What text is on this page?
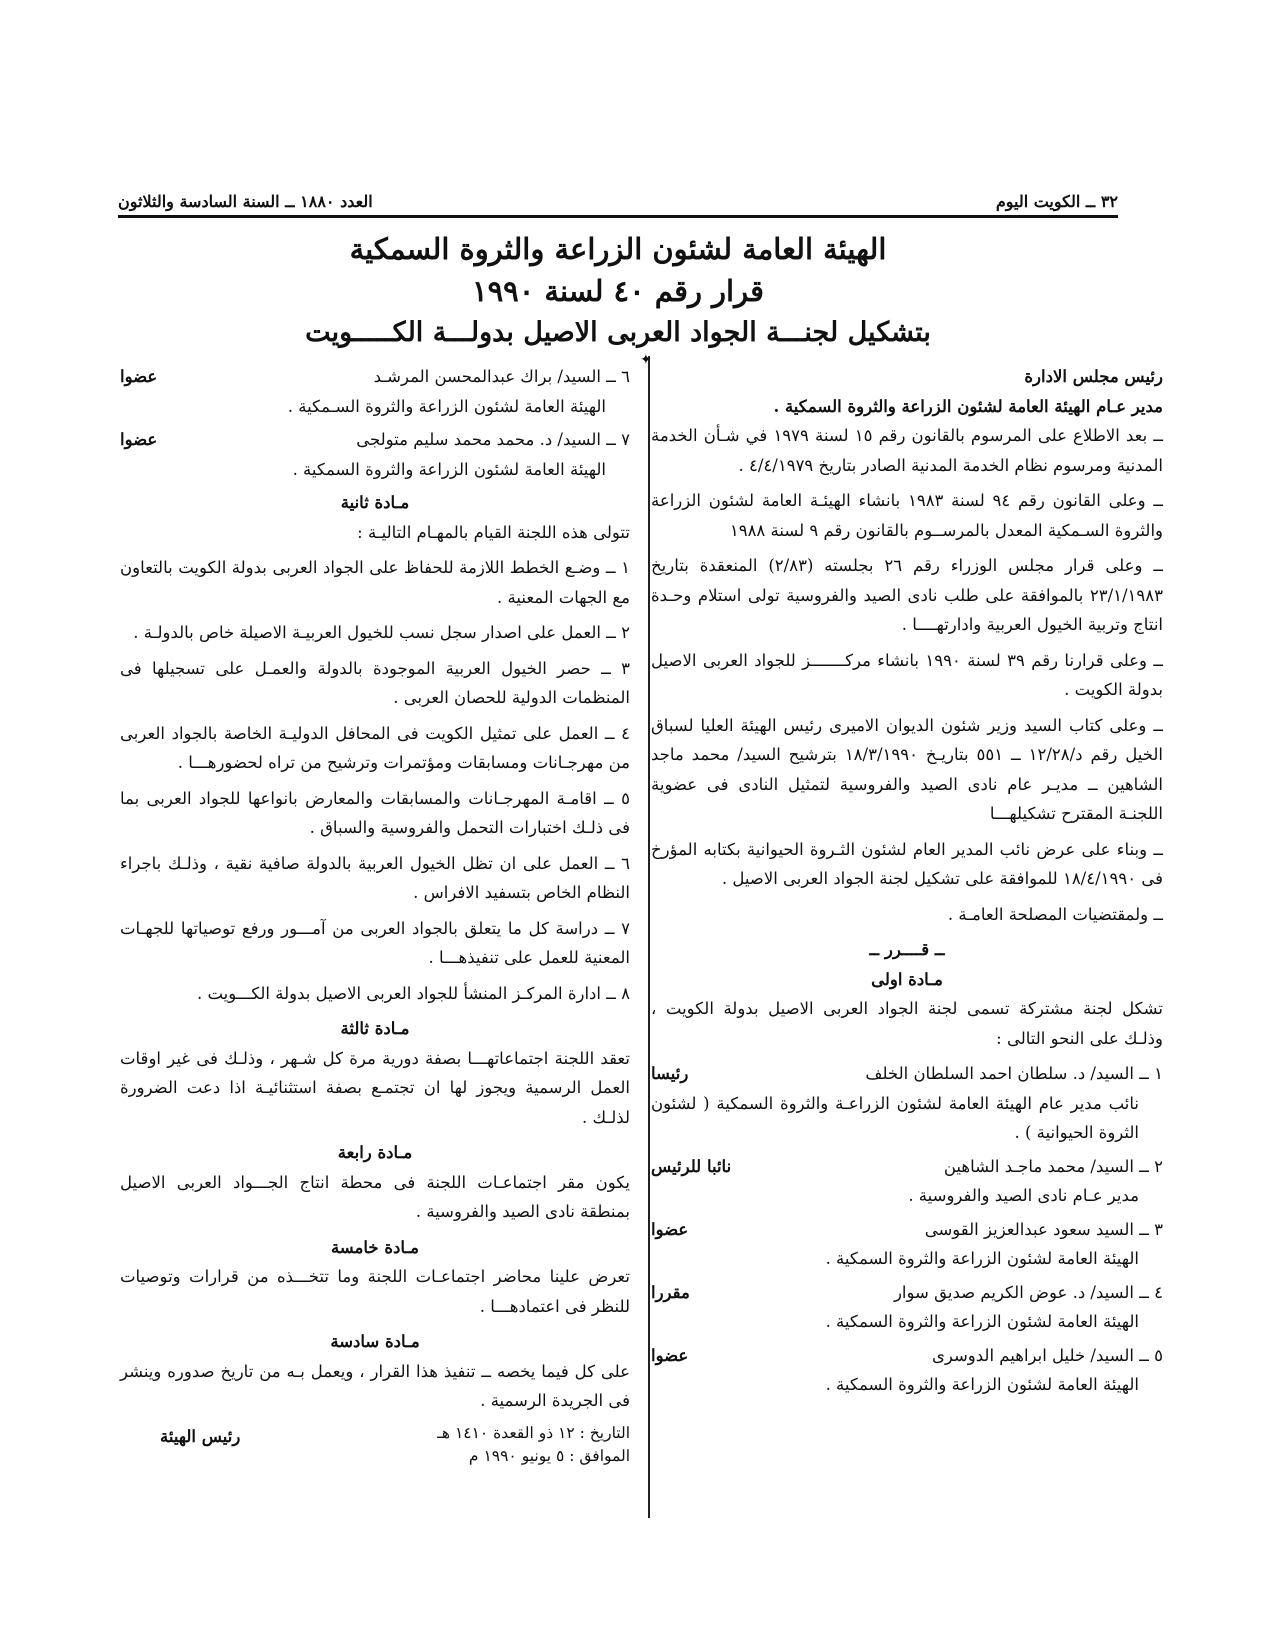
٣٢ ــ الكويت اليوم
العدد ١٨٨٠ ــ السنة السادسة والثلاثون
الهيئة العامة لشئون الزراعة والثروة السمكية
قرار رقم ٤٠ لسنة ١٩٩٠
بتشكيل لجنـــة الجواد العربى الاصيل بدولـــة الكـــــويت
✦

رئيس مجلس الادارة

مدير عـام الهيئة العامة لشئون الزراعة والثروة السمكية .

ــ بعد الاطلاع على المرسوم بالقانون رقم ١٥ لسنة ١٩٧٩ في شـأن الخدمة المدنية ومرسوم نظام الخدمة المدنية الصادر بتاريخ ٤/٤/١٩٧٩ .

ــ وعلى القانون رقم ٩٤ لسنة ١٩٨٣ بانشاء الهيئـة العامة لشئون الزراعة والثروة السـمكية المعدل بالمرســوم بالقانون رقم ٩ لسنة ١٩٨٨

ــ وعلى قرار مجلس الوزراء رقم ٢٦ بجلسته (٢/٨٣) المنعقدة بتاريخ ٢٣/١/١٩٨٣ بالموافقة على طلب نادى الصيد والفروسية تولى استلام وحـدة انتاج وتربية الخيول العربية وادارتهــــا .

ــ وعلى قرارنا رقم ٣٩ لسنة ١٩٩٠ بانشاء مركـــــــز للجواد العربى الاصيل بدولة الكويت .

ــ وعلى كتاب السيد وزير شئون الديوان الاميرى رئيس الهيئة العليا لسباق الخيل رقم د/١٢/٢٨ ــ ٥٥١ بتاريـخ ١٨/٣/١٩٩٠ بترشيح السيد/ محمد ماجد الشاهين ــ مديـر عام نادى الصيد والفروسية لتمثيل النادى فى عضوية اللجنـة المقترح تشكيلهـــا

ــ وبناء على عرض نائب المدير العام لشئون الثـروة الحيوانية بكتابه المؤرخ فى ١٨/٤/١٩٩٠ للموافقة على تشكيل لجنة الجواد العربى الاصيل .

ــ ولمقتضيات المصلحة العامـة .

ــ قــــرر ــ

مـادة اولى

تشكل لجنة مشتركة تسمى لجنة الجواد العربى الاصيل بدولة الكويت ، وذلـك على النحو التالى :

١ ــ السيد/ د. سلطان احمد السلطان الخلف
رئيسا
نائب مدير عام الهيئة العامة لشئون الزراعـة والثروة السمكية ( لشئون الثروة الحيوانية ) .
٢ ــ السيد/ محمد ماجـد الشاهين
نائبا للرئيس
مدير عـام نادى الصيد والفروسية .
٣ ــ السيد سعود عبدالعزيز القوسى
عضوا
الهيئة العامة لشئون الزراعة والثروة السمكية .
٤ ــ السيد/ د. عوض الكريم صديق سوار
مقررا
الهيئة العامة لشئون الزراعة والثروة السمكية .
٥ ــ السيد/ خليل ابراهيم الدوسرى
عضوا
الهيئة العامة لشئون الزراعة والثروة السمكية .
٦ ــ السيد/ براك عبدالمحسن المرشـد
عضوا
الهيئة العامة لشئون الزراعة والثروة السـمكية .
٧ ــ السيد/ د. محمد محمد سليم متولجى
عضوا
الهيئة العامة لشئون الزراعة والثروة السمكية .

مـادة ثانية

تتولى هذه اللجنة القيام بالمهـام التاليـة :

١ ــ وضـع الخطط اللازمة للحفاظ على الجواد العربى بدولة الكويت بالتعاون مع الجهات المعنية .

٢ ــ العمل على اصدار سجل نسب للخيول العربيـة الاصيلة خاص بالدولـة .

٣ ــ حصر الخيول العربية الموجودة بالدولة والعمـل على تسجيلها فى المنظمات الدولية للحصان العربى .

٤ ــ العمل على تمثيل الكويت فى المحافل الدوليـة الخاصة بالجواد العربى من مهرجـانات ومسابقات ومؤتمرات وترشيح من تراه لحضورهـــا .

٥ ــ اقامـة المهرجـانات والمسابقات والمعارض بانواعها للجواد العربى بما فى ذلـك اختبارات التحمل والفروسية والسباق .

٦ ــ العمل على ان تظل الخيول العربية بالدولة صافية نقية ، وذلـك باجراء النظام الخاص بتسفيد الافراس .

٧ ــ دراسة كل ما يتعلق بالجواد العربى من آمـــور ورفع توصياتها للجهـات المعنية للعمل على تنفيذهـــا .

٨ ــ ادارة المركـز المنشأ للجواد العربى الاصيل بدولة الكـــويت .

مـادة ثالثة

تعقد اللجنة اجتماعاتهـــا بصفة دورية مرة كل شـهر ، وذلـك فى غير اوقات العمل الرسمية ويجوز لها ان تجتمـع بصفة استثنائيـة اذا دعت الضرورة لذلـك .

مـادة رابعة

يكون مقر اجتماعـات اللجنة فى محطة انتاج الجـــواد العربى الاصيل بمنطقة نادى الصيد والفروسية .

مـادة خامسة

تعرض علينا محاضر اجتماعـات اللجنة وما تتخـــذه من قرارات وتوصيات للنظر فى اعتمادهـــا .

مـادة سادسة

على كل فيما يخصه ــ تنفيذ هذا القرار ، ويعمل بـه من تاريخ صدوره وينشر فى الجريدة الرسمية .

التاريخ : ١٢ ذو القعدة ١٤١٠ هـ
الموافق : ٥ يونيو ١٩٩٠ م
رئيس الهيئة
